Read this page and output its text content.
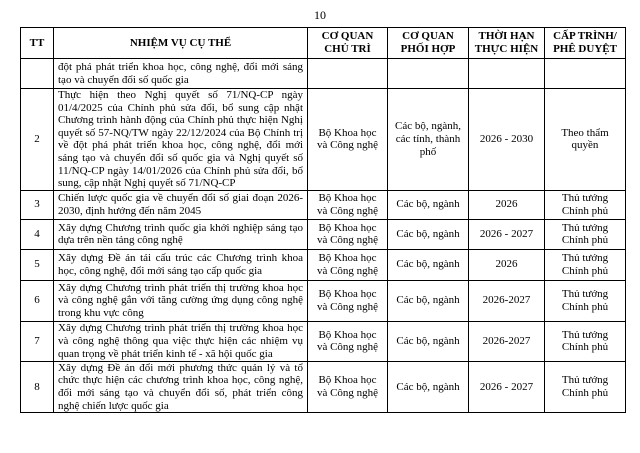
10
TT	NHIỆM VỤ CỤ THỂ	CƠ QUAN CHỦ TRÌ	CƠ QUAN PHỐI HỢP	THỜI HẠN THỰC HIỆN	CẤP TRÌNH/ PHÊ DUYỆT
	đột phá phát triển khoa học, công nghệ, đổi mới sáng tạo và chuyển đổi số quốc gia				
2	Thực hiện theo Nghị quyết số 71/NQ-CP ngày 01/4/2025 của Chính phủ sửa đổi, bổ sung cập nhật Chương trình hành động của Chính phủ thực hiện Nghị quyết số 57-NQ/TW ngày 22/12/2024 của Bộ Chính trị về đột phá phát triển khoa học, công nghệ, đổi mới sáng tạo và chuyển đổi số quốc gia và Nghị quyết số 11/NQ-CP ngày 14/01/2026 của Chính phủ sửa đổi, bổ sung, cập nhật Nghị quyết số 71/NQ-CP	Bộ Khoa học và Công nghệ	Các bộ, ngành, các tỉnh, thành phố	2026 - 2030	Theo thẩm quyền
3	Chiến lược quốc gia về chuyển đổi số giai đoạn 2026-2030, định hướng đến năm 2045	Bộ Khoa học và Công nghệ	Các bộ, ngành	2026	Thủ tướng Chính phủ
4	Xây dựng Chương trình quốc gia khởi nghiệp sáng tạo dựa trên nền tảng công nghệ	Bộ Khoa học và Công nghệ	Các bộ, ngành	2026 - 2027	Thủ tướng Chính phủ
5	Xây dựng Đề án tái cấu trúc các Chương trình khoa học, công nghệ, đổi mới sáng tạo cấp quốc gia	Bộ Khoa học và Công nghệ	Các bộ, ngành	2026	Thủ tướng Chính phủ
6	Xây dựng Chương trình phát triển thị trường khoa học và công nghệ gắn với tăng cường ứng dụng công nghệ trong khu vực công	Bộ Khoa học và Công nghệ	Các bộ, ngành	2026-2027	Thủ tướng Chính phủ
7	Xây dựng Chương trình phát triển thị trường khoa học và công nghệ thông qua việc thực hiện các nhiệm vụ quan trọng về phát triển kinh tế - xã hội quốc gia	Bộ Khoa học và Công nghệ	Các bộ, ngành	2026-2027	Thủ tướng Chính phủ
8	Xây dựng Đề án đổi mới phương thức quản lý và tổ chức thực hiện các chương trình khoa học, công nghệ, đổi mới sáng tạo và chuyển đổi số, phát triển công nghệ chiến lược quốc gia	Bộ Khoa học và Công nghệ	Các bộ, ngành	2026 - 2027	Thủ tướng Chính phủ
